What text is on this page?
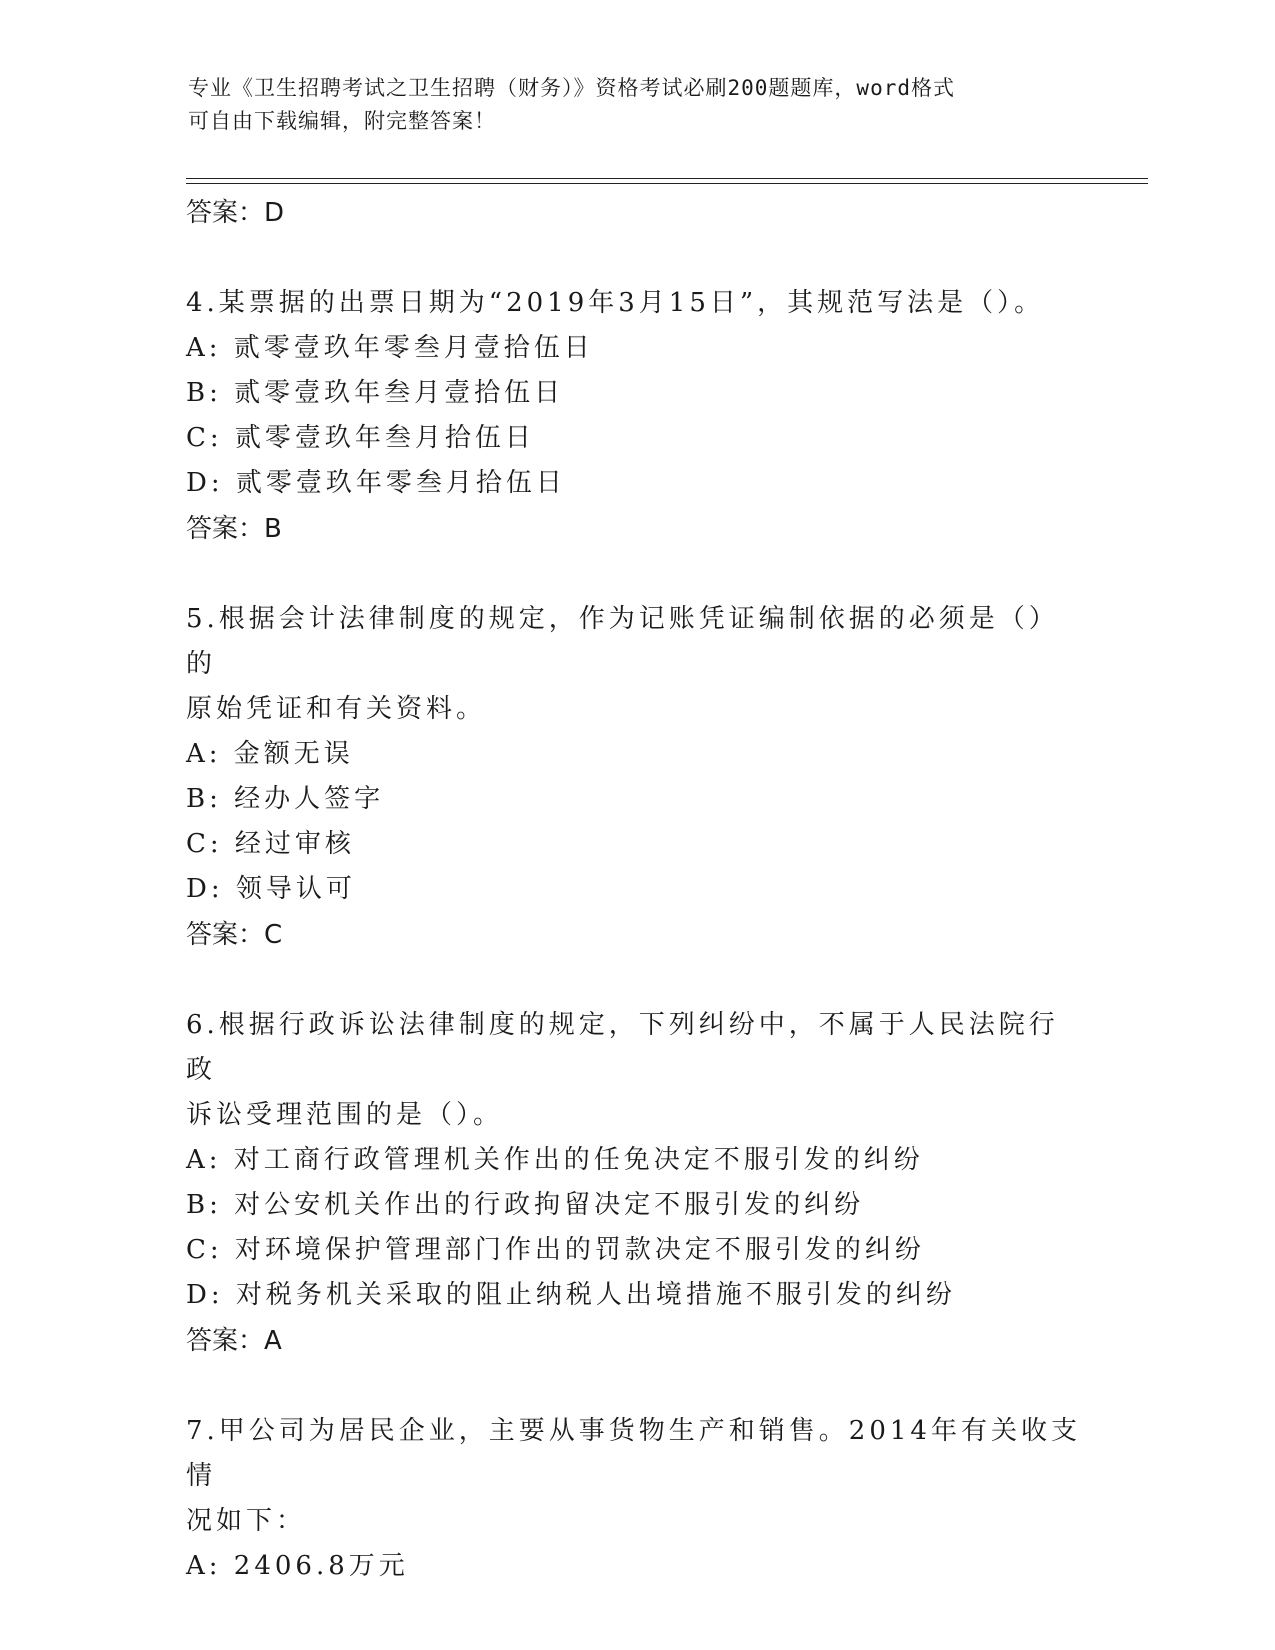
专业《卫生招聘考试之卫生招聘（财务）》资格考试必刷200题题库，word格式
可自由下载编辑，附完整答案！
答案：D
4.某票据的出票日期为“2019年3月15日”，其规范写法是（）。
A: 贰零壹玖年零叁月壹拾伍日
B: 贰零壹玖年叁月壹拾伍日
C: 贰零壹玖年叁月拾伍日
D: 贰零壹玖年零叁月拾伍日
答案：B
5.根据会计法律制度的规定，作为记账凭证编制依据的必须是（）的
原始凭证和有关资料。
A: 金额无误
B: 经办人签字
C: 经过审核
D: 领导认可
答案：C
6.根据行政诉讼法律制度的规定，下列纠纷中，不属于人民法院行政
诉讼受理范围的是（）。
A: 对工商行政管理机关作出的任免决定不服引发的纠纷
B: 对公安机关作出的行政拘留决定不服引发的纠纷
C: 对环境保护管理部门作出的罚款决定不服引发的纠纷
D: 对税务机关采取的阻止纳税人出境措施不服引发的纠纷
答案：A
7.甲公司为居民企业，主要从事货物生产和销售。2014年有关收支情
况如下：
A: 2406.8万元
